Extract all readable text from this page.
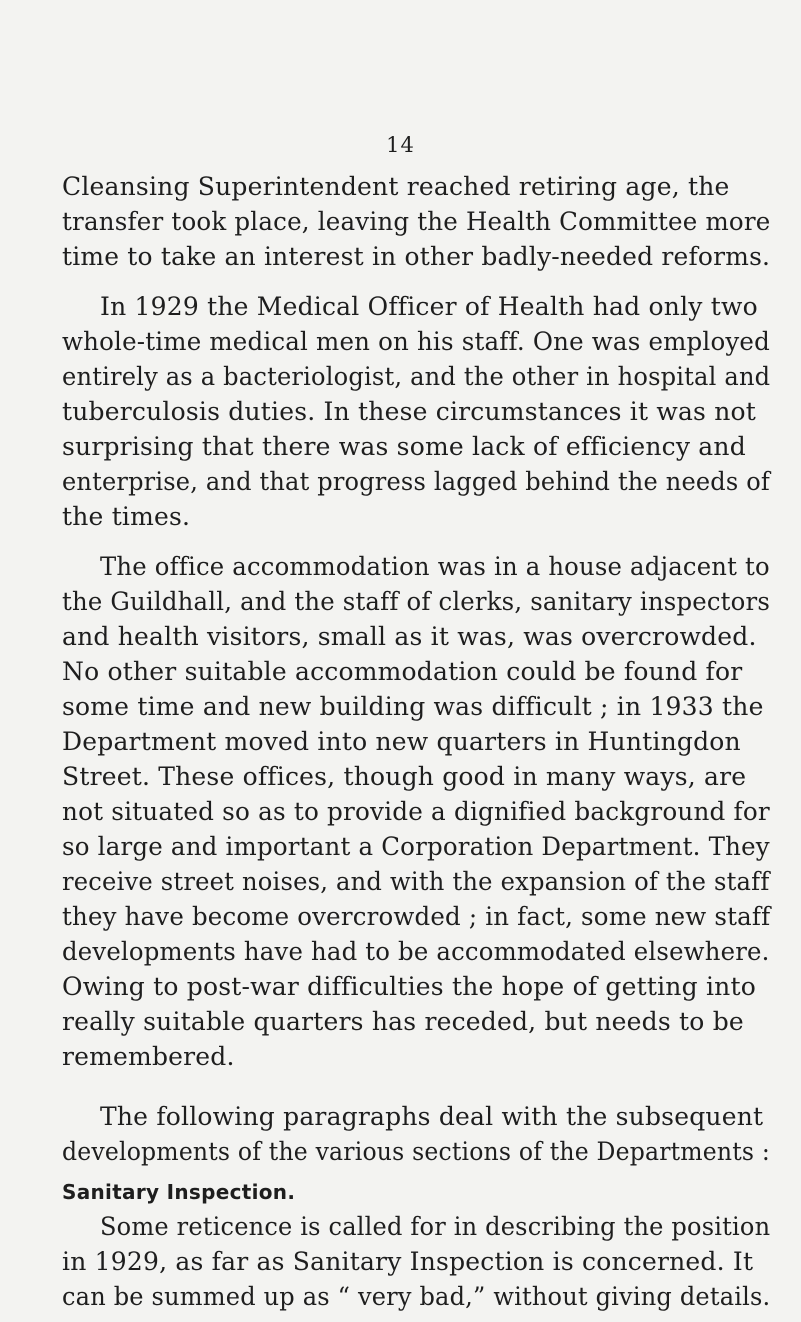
14
Cleansing Superintendent reached retiring age, the
transfer took place, leaving the Health Committee more
time to take an interest in other badly-needed reforms.
In 1929 the Medical Officer of Health had only two
whole-time medical men on his staff. One was employed
entirely as a bacteriologist, and the other in hospital and
tuberculosis duties. In these circumstances it was not
surprising that there was some lack of efficiency and
enterprise, and that progress lagged behind the needs of
the times.
The office accommodation was in a house adjacent to
the Guildhall, and the staff of clerks, sanitary inspectors
and health visitors, small as it was, was overcrowded.
No other suitable accommodation could be found for
some time and new building was difficult ; in 1933 the
Department moved into new quarters in Huntingdon
Street. These offices, though good in many ways, are
not situated so as to provide a dignified background for
so large and important a Corporation Department. They
receive street noises, and with the expansion of the staff
they have become overcrowded ; in fact, some new staff
developments have had to be accommodated elsewhere.
Owing to post-war difficulties the hope of getting into
really suitable quarters has receded, but needs to be
remembered.
The following paragraphs deal with the subsequent
developments of the various sections of the Departments :
Sanitary Inspection.
Some reticence is called for in describing the position
in 1929, as far as Sanitary Inspection is concerned. It
can be summed up as “ very bad,” without giving details.
